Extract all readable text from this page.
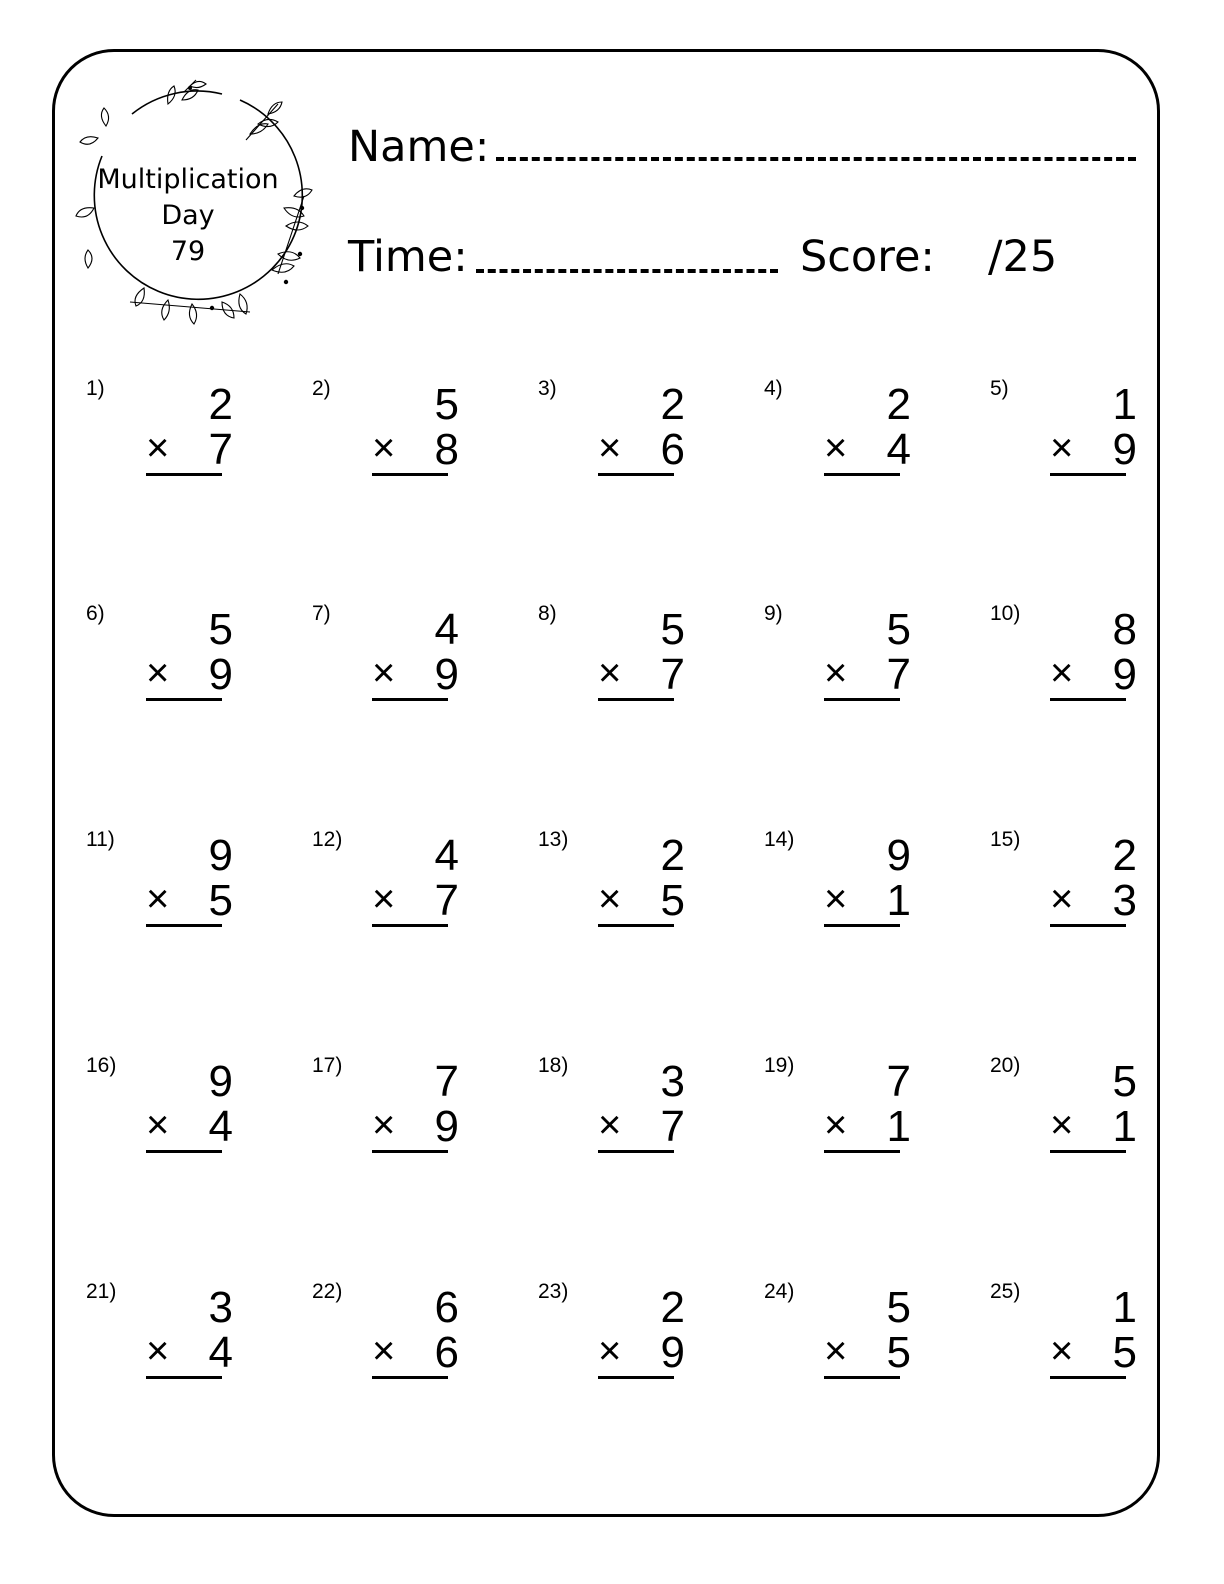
Multiplication
Day
79
Name:
Time:	Score: /25
1) 2
× 7
2) 5
× 8
3) 2
× 6
4) 2
× 4
5) 1
× 9
6) 5
× 9
7) 4
× 9
8) 5
× 7
9) 5
× 7
10) 8
× 9
11) 9
× 5
12) 4
× 7
13) 2
× 5
14) 9
× 1
15) 2
× 3
16) 9
× 4
17) 7
× 9
18) 3
× 7
19) 7
× 1
20) 5
× 1
21) 3
× 4
22) 6
× 6
23) 2
× 9
24) 5
× 5
25) 1
× 5
